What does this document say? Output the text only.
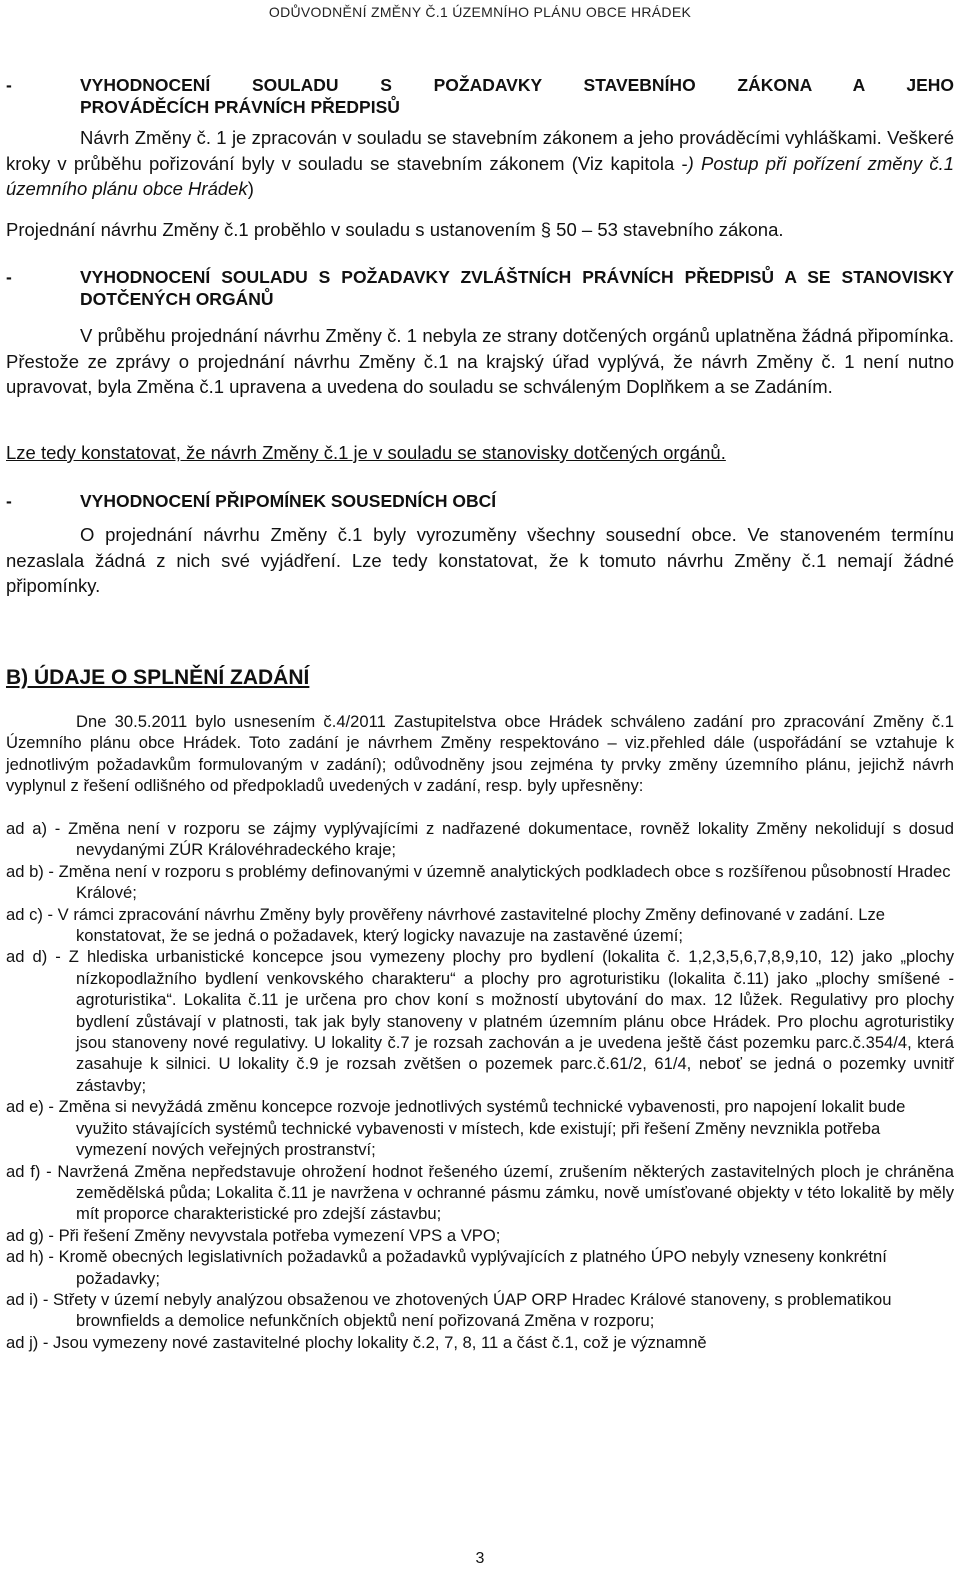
ODŮVODNĚNÍ ZMĚNY Č.1 ÚZEMNÍHO PLÁNU OBCE HRÁDEK
-	VYHODNOCENÍ SOULADU S POŽADAVKY STAVEBNÍHO ZÁKONA A JEHO
PROVÁDĚCÍCH PRÁVNÍCH PŘEDPISŮ

Návrh Změny č. 1 je zpracován v souladu se stavebním zákonem a jeho prováděcími vyhláškami. Veškeré kroky v průběhu pořizování byly v souladu se stavebním zákonem (Viz kapitola -) Postup při pořízení změny č.1 územního plánu obce Hrádek)

Projednání návrhu Změny č.1 proběhlo v souladu s ustanovením § 50 – 53 stavebního zákona.

-	VYHODNOCENÍ SOULADU S POŽADAVKY ZVLÁŠTNÍCH PRÁVNÍCH PŘEDPISŮ A SE STANOVISKY DOTČENÝCH ORGÁNŮ

V průběhu projednání návrhu Změny č. 1 nebyla ze strany dotčených orgánů uplatněna žádná připomínka. Přestože ze zprávy o projednání návrhu Změny č.1 na krajský úřad vyplývá, že návrh Změny č. 1 není nutno upravovat, byla Změna č.1 upravena a uvedena do souladu se schváleným Doplňkem a se Zadáním.

Lze tedy konstatovat, že návrh Změny č.1 je v souladu se stanovisky dotčených orgánů.

-	VYHODNOCENÍ PŘIPOMÍNEK SOUSEDNÍCH OBCÍ

O projednání návrhu Změny č.1 byly vyrozuměny všechny sousední obce. Ve stanoveném termínu nezaslala žádná z nich své vyjádření. Lze tedy konstatovat, že k tomuto návrhu Změny č.1 nemají žádné připomínky.

B) ÚDAJE O SPLNĚNÍ ZADÁNÍ

Dne 30.5.2011 bylo usnesením č.4/2011 Zastupitelstva obce Hrádek schváleno zadání pro zpracování Změny č.1 Územního plánu obce Hrádek. Toto zadání je návrhem Změny respektováno – viz.přehled dále (uspořádání se vztahuje k jednotlivým požadavkům formulovaným v zadání); odůvodněny jsou zejména ty prvky změny územního plánu, jejichž návrh vyplynul z řešení odlišného od předpokladů uvedených v zadání, resp. byly upřesněny:

ad a) - Změna není v rozporu se zájmy vyplývajícími z nadřazené dokumentace, rovněž lokality Změny nekolidují s dosud nevydanými ZÚR Královéhradeckého kraje;

ad b) - Změna není v rozporu s problémy definovanými v územně analytických podkladech obce s rozšířenou působností Hradec Králové;

ad c) - V rámci zpracování návrhu Změny byly prověřeny návrhové zastavitelné plochy Změny definované v zadání. Lze konstatovat, že se jedná o požadavek, který logicky navazuje na zastavěné území;

ad d) - Z hlediska urbanistické koncepce jsou vymezeny plochy pro bydlení (lokalita č. 1,2,3,5,6,7,8,9,10, 12) jako „plochy nízkopodlažního bydlení venkovského charakteru“ a plochy pro agroturistiku (lokalita č.11) jako „plochy smíšené - agroturistika“. Lokalita č.11 je určena pro chov koní s možností ubytování do max. 12 lůžek. Regulativy pro plochy bydlení zůstávají v platnosti, tak jak byly stanoveny v platném územním plánu obce Hrádek. Pro plochu agroturistiky jsou stanoveny nové regulativy. U lokality č.7 je rozsah zachován a je uvedena ještě část pozemku parc.č.354/4, která zasahuje k silnici. U lokality č.9 je rozsah zvětšen o pozemek parc.č.61/2, 61/4, neboť se jedná o pozemky uvnitř zástavby;

ad e) - Změna si nevyžádá změnu koncepce rozvoje jednotlivých systémů technické vybavenosti, pro napojení lokalit bude využito stávajících systémů technické vybavenosti v místech, kde existují; při řešení Změny nevznikla potřeba vymezení nových veřejných prostranství;

ad f) - Navržená Změna nepředstavuje ohrožení hodnot řešeného území, zrušením některých zastavitelných ploch je chráněna zemědělská půda; Lokalita č.11 je navržena v ochranné pásmu zámku, nově umísťované objekty v této lokalitě by měly mít proporce charakteristické pro zdejší zástavbu;

ad g) - Při řešení Změny nevyvstala potřeba vymezení VPS a VPO;

ad h) - Kromě obecných legislativních požadavků a požadavků vyplývajících z platného ÚPO nebyly vzneseny konkrétní požadavky;

ad i) - Střety v území nebyly analýzou obsaženou ve zhotovených ÚAP ORP Hradec Králové stanoveny, s problematikou brownfields a demolice nefunkčních objektů není pořizovaná Změna v rozporu;

ad j) - Jsou vymezeny nové zastavitelné plochy lokality č.2, 7, 8, 11 a část č.1, což je významně

3
